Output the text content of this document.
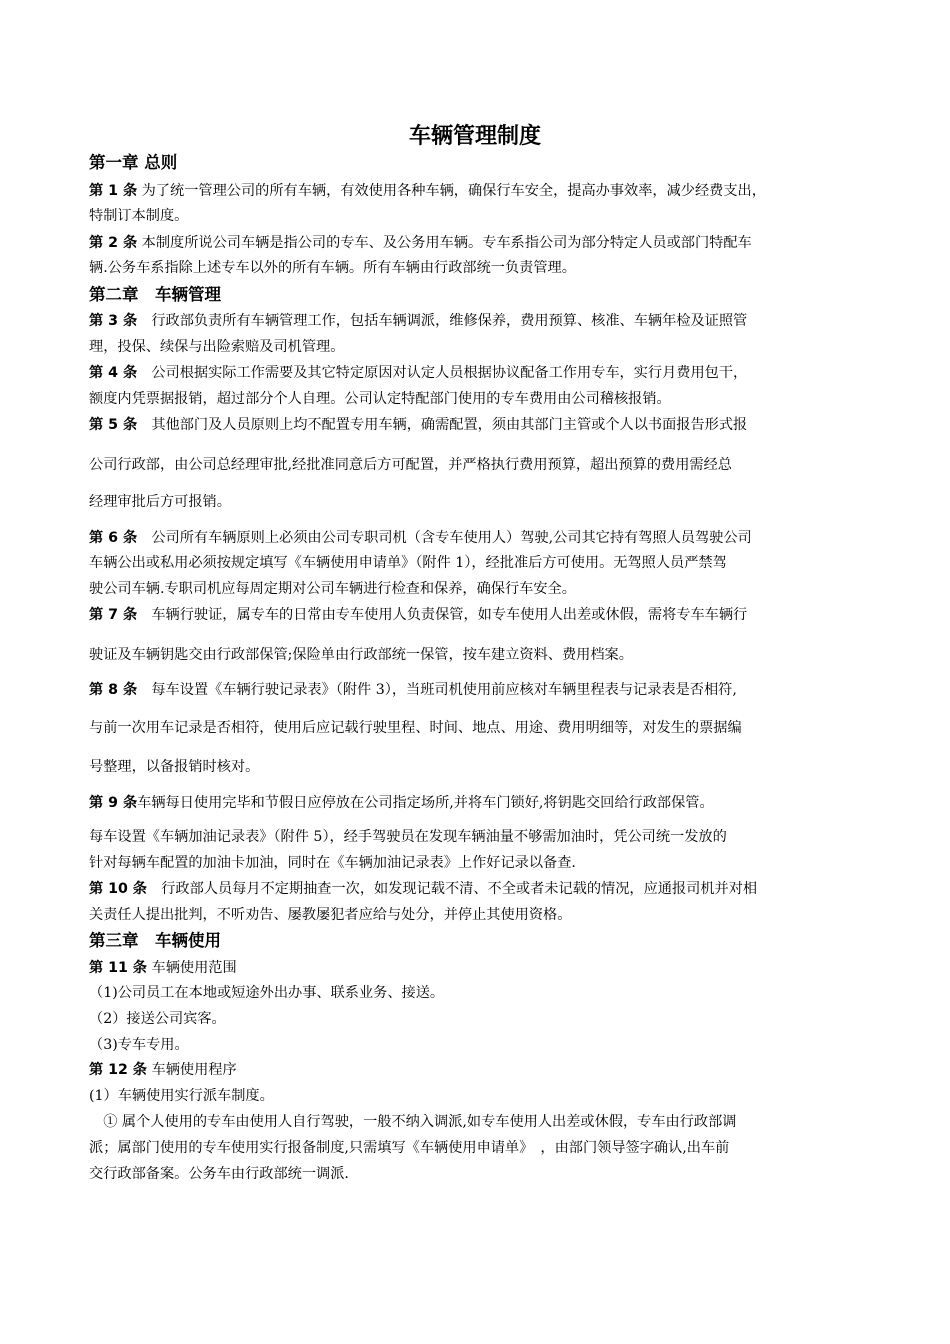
车辆管理制度
第一章 总则
第 1 条 为了统一管理公司的所有车辆，有效使用各种车辆，确保行车安全，提高办事效率，减少经费支出，
特制订本制度。
第 2 条 本制度所说公司车辆是指公司的专车、及公务用车辆。专车系指公司为部分特定人员或部门特配车
辆.公务车系指除上述专车以外的所有车辆。所有车辆由行政部统一负责管理。
第二章　车辆管理
第 3 条　行政部负责所有车辆管理工作，包括车辆调派，维修保养，费用预算、核准、车辆年检及证照管
理，投保、续保与出险索赔及司机管理。
第 4 条　公司根据实际工作需要及其它特定原因对认定人员根据协议配备工作用专车，实行月费用包干，
额度内凭票据报销，超过部分个人自理。公司认定特配部门使用的专车费用由公司稽核报销。
第 5 条　其他部门及人员原则上均不配置专用车辆，确需配置，须由其部门主管或个人以书面报告形式报
公司行政部，由公司总经理审批,经批准同意后方可配置，并严格执行费用预算，超出预算的费用需经总
经理审批后方可报销。
第 6 条　公司所有车辆原则上必须由公司专职司机（含专车使用人）驾驶,公司其它持有驾照人员驾驶公司
车辆公出或私用必须按规定填写《车辆使用申请单》（附件 1），经批准后方可使用。无驾照人员严禁驾
驶公司车辆.专职司机应每周定期对公司车辆进行检查和保养，确保行车安全。
第 7 条　车辆行驶证，属专车的日常由专车使用人负责保管，如专车使用人出差或休假，需将专车车辆行
驶证及车辆钥匙交由行政部保管;保险单由行政部统一保管，按车建立资料、费用档案。
第 8 条　每车设置《车辆行驶记录表》（附件 3），当班司机使用前应核对车辆里程表与记录表是否相符,
与前一次用车记录是否相符，使用后应记载行驶里程、时间、地点、用途、费用明细等，对发生的票据编
号整理，以备报销时核对。
第 9 条车辆每日使用完毕和节假日应停放在公司指定场所,并将车门锁好,将钥匙交回给行政部保管。
每车设置《车辆加油记录表》（附件 5），经手驾驶员在发现车辆油量不够需加油时，凭公司统一发放的
针对每辆车配置的加油卡加油，同时在《车辆加油记录表》上作好记录以备查.
第 10 条　行政部人员每月不定期抽查一次，如发现记载不清、不全或者未记载的情况，应通报司机并对相
关责任人提出批判，不听劝告、屡教屡犯者应给与处分，并停止其使用资格。
第三章　车辆使用
第 11 条 车辆使用范围
（1)公司员工在本地或短途外出办事、联系业务、接送。
（2）接送公司宾客。
（3)专车专用。
第 12 条 车辆使用程序
(1）车辆使用实行派车制度。
　① 属个人使用的专车由使用人自行驾驶，一般不纳入调派,如专车使用人出差或休假，专车由行政部调
派；属部门使用的专车使用实行报备制度,只需填写《车辆使用申请单》　，由部门领导签字确认,出车前
交行政部备案。公务车由行政部统一调派.
